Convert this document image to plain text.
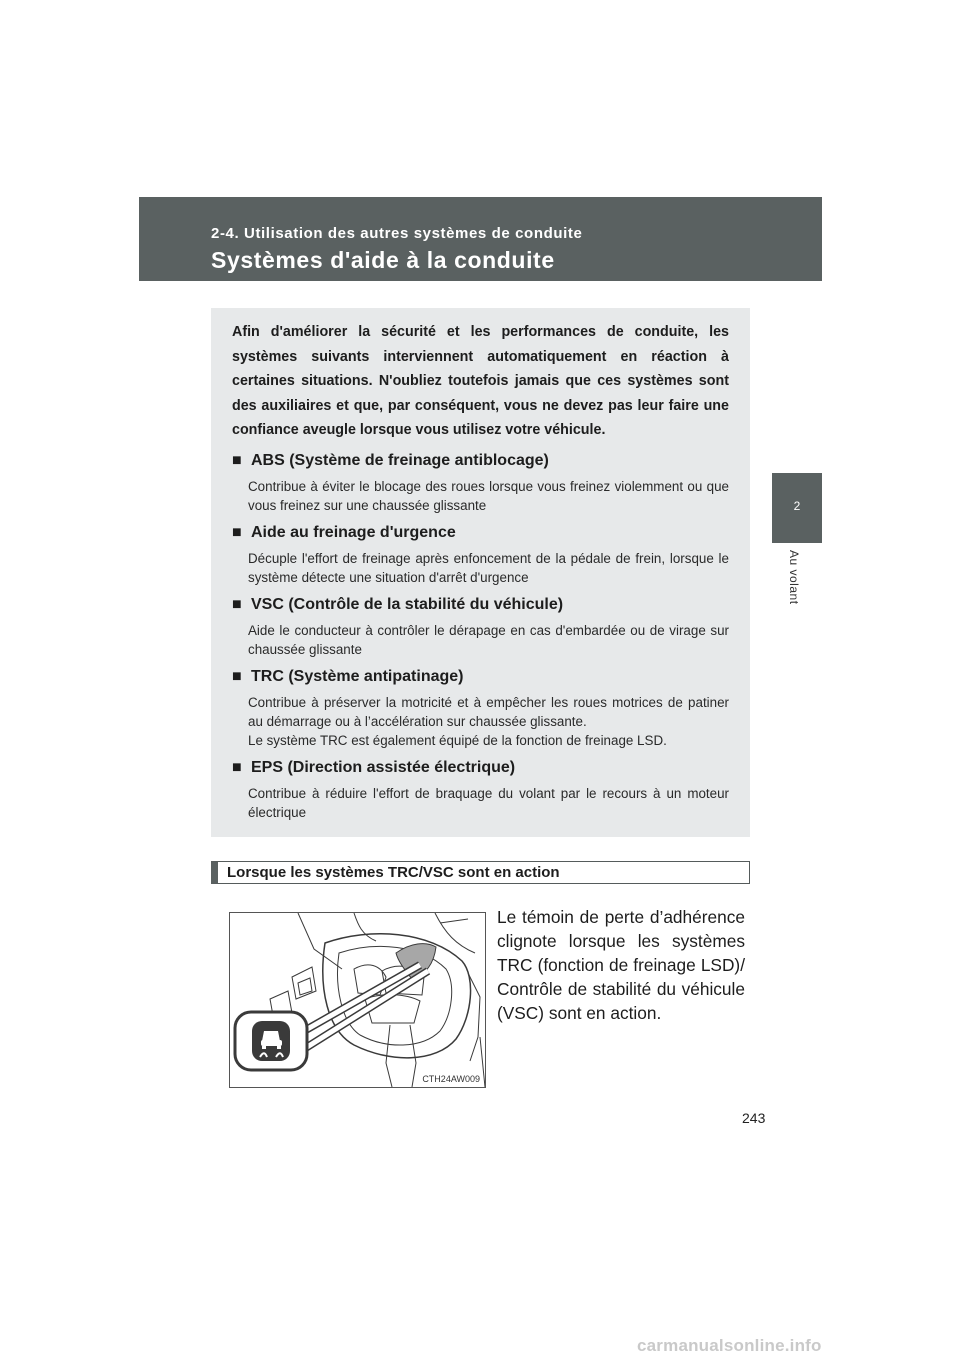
2-4. Utilisation des autres systèmes de conduite
Systèmes d'aide à la conduite
2
Au volant

Afin d'améliorer la sécurité et les performances de conduite, les systèmes suivants interviennent automatiquement en réaction à certaines situations. N'oubliez toutefois jamais que ces systèmes sont des auxiliaires et que, par conséquent, vous ne devez pas leur faire une confiance aveugle lorsque vous utilisez votre véhicule.

■ ABS (Système de freinage antiblocage)

Contribue à éviter le blocage des roues lorsque vous freinez violemment ou que vous freinez sur une chaussée glissante

■ Aide au freinage d'urgence

Décuple l'effort de freinage après enfoncement de la pédale de frein, lorsque le système détecte une situation d'arrêt d'urgence

■ VSC (Contrôle de la stabilité du véhicule)

Aide le conducteur à contrôler le dérapage en cas d'embardée ou de virage sur chaussée glissante

■ TRC (Système antipatinage)

Contribue à préserver la motricité et à empêcher les roues motrices de patiner au démarrage ou à l’accélération sur chaussée glissante.

Le système TRC est également équipé de la fonction de freinage LSD.

■ EPS (Direction assistée électrique)

Contribue à réduire l'effort de braquage du volant par le recours à un moteur électrique

Lorsque les systèmes TRC/VSC sont en action
CTH24AW009

Le témoin de perte d’adhérence clignote lorsque les systèmes TRC (fonction de freinage LSD)/ Contrôle de stabilité du véhicule (VSC) sont en action.

243
carmanualsonline.info
